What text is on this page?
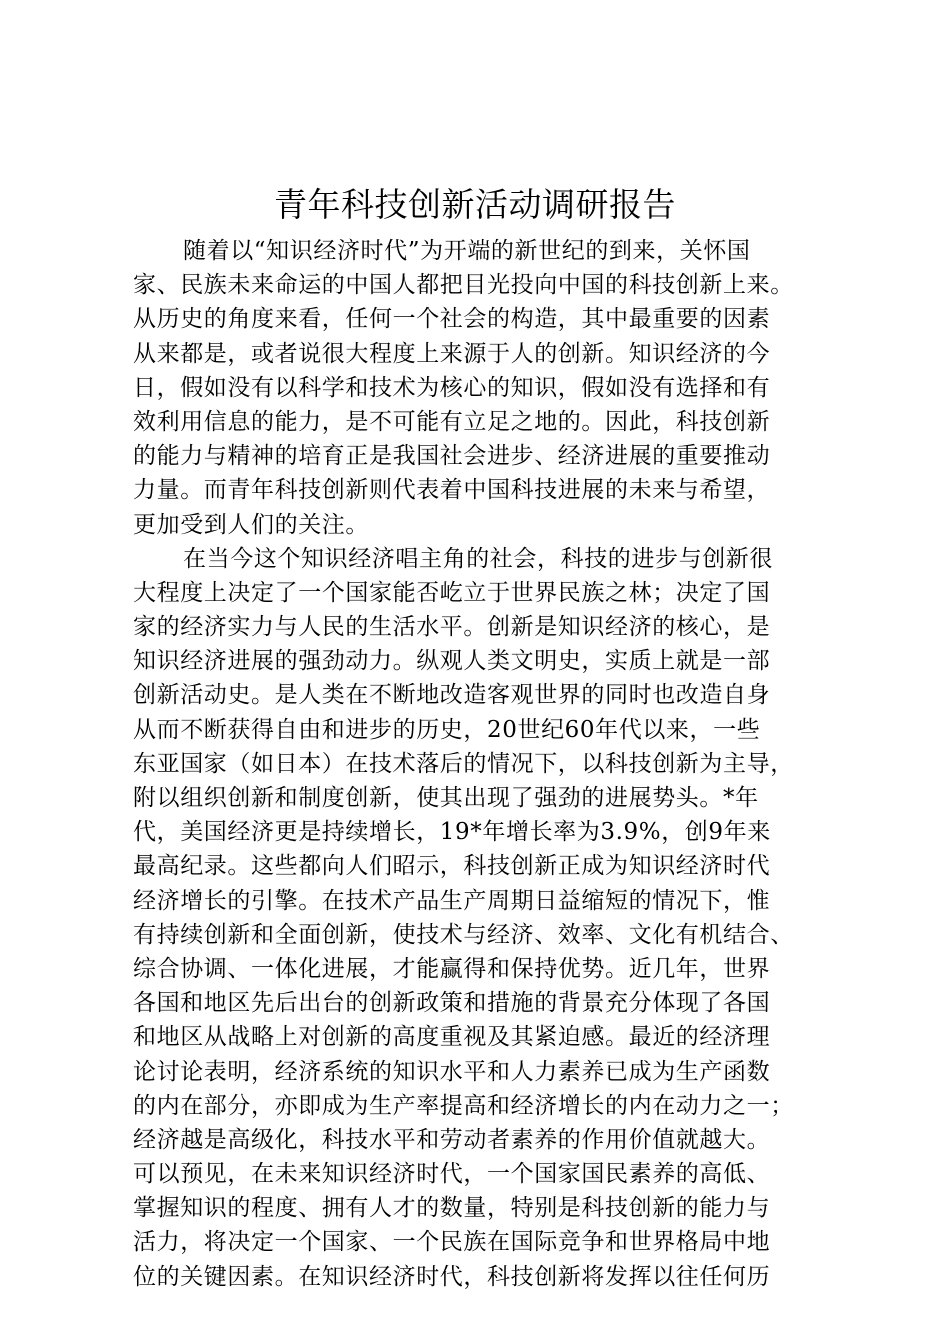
青年科技创新活动调研报告
随着以“知识经济时代”为开端的新世纪的到来，关怀国
家、民族未来命运的中国人都把目光投向中国的科技创新上来。
从历史的角度来看，任何一个社会的构造，其中最重要的因素
从来都是，或者说很大程度上来源于人的创新。知识经济的今
日，假如没有以科学和技术为核心的知识，假如没有选择和有
效利用信息的能力，是不可能有立足之地的。因此，科技创新
的能力与精神的培育正是我国社会进步、经济进展的重要推动
力量。而青年科技创新则代表着中国科技进展的未来与希望，
更加受到人们的关注。
在当今这个知识经济唱主角的社会，科技的进步与创新很
大程度上决定了一个国家能否屹立于世界民族之林；决定了国
家的经济实力与人民的生活水平。创新是知识经济的核心，是
知识经济进展的强劲动力。纵观人类文明史，实质上就是一部
创新活动史。是人类在不断地改造客观世界的同时也改造自身
从而不断获得自由和进步的历史，20世纪60年代以来，一些
东亚国家（如日本）在技术落后的情况下，以科技创新为主导，
附以组织创新和制度创新，使其出现了强劲的进展势头。*年
代，美国经济更是持续增长，19*年增长率为3.9%，创9年来
最高纪录。这些都向人们昭示，科技创新正成为知识经济时代
经济增长的引擎。在技术产品生产周期日益缩短的情况下，惟
有持续创新和全面创新，使技术与经济、效率、文化有机结合、
综合协调、一体化进展，才能赢得和保持优势。近几年，世界
各国和地区先后出台的创新政策和措施的背景充分体现了各国
和地区从战略上对创新的高度重视及其紧迫感。最近的经济理
论讨论表明，经济系统的知识水平和人力素养已成为生产函数
的内在部分，亦即成为生产率提高和经济增长的内在动力之一；
经济越是高级化，科技水平和劳动者素养的作用价值就越大。
可以预见，在未来知识经济时代，一个国家国民素养的高低、
掌握知识的程度、拥有人才的数量，特别是科技创新的能力与
活力，将决定一个国家、一个民族在国际竞争和世界格局中地
位的关键因素。在知识经济时代，科技创新将发挥以往任何历
